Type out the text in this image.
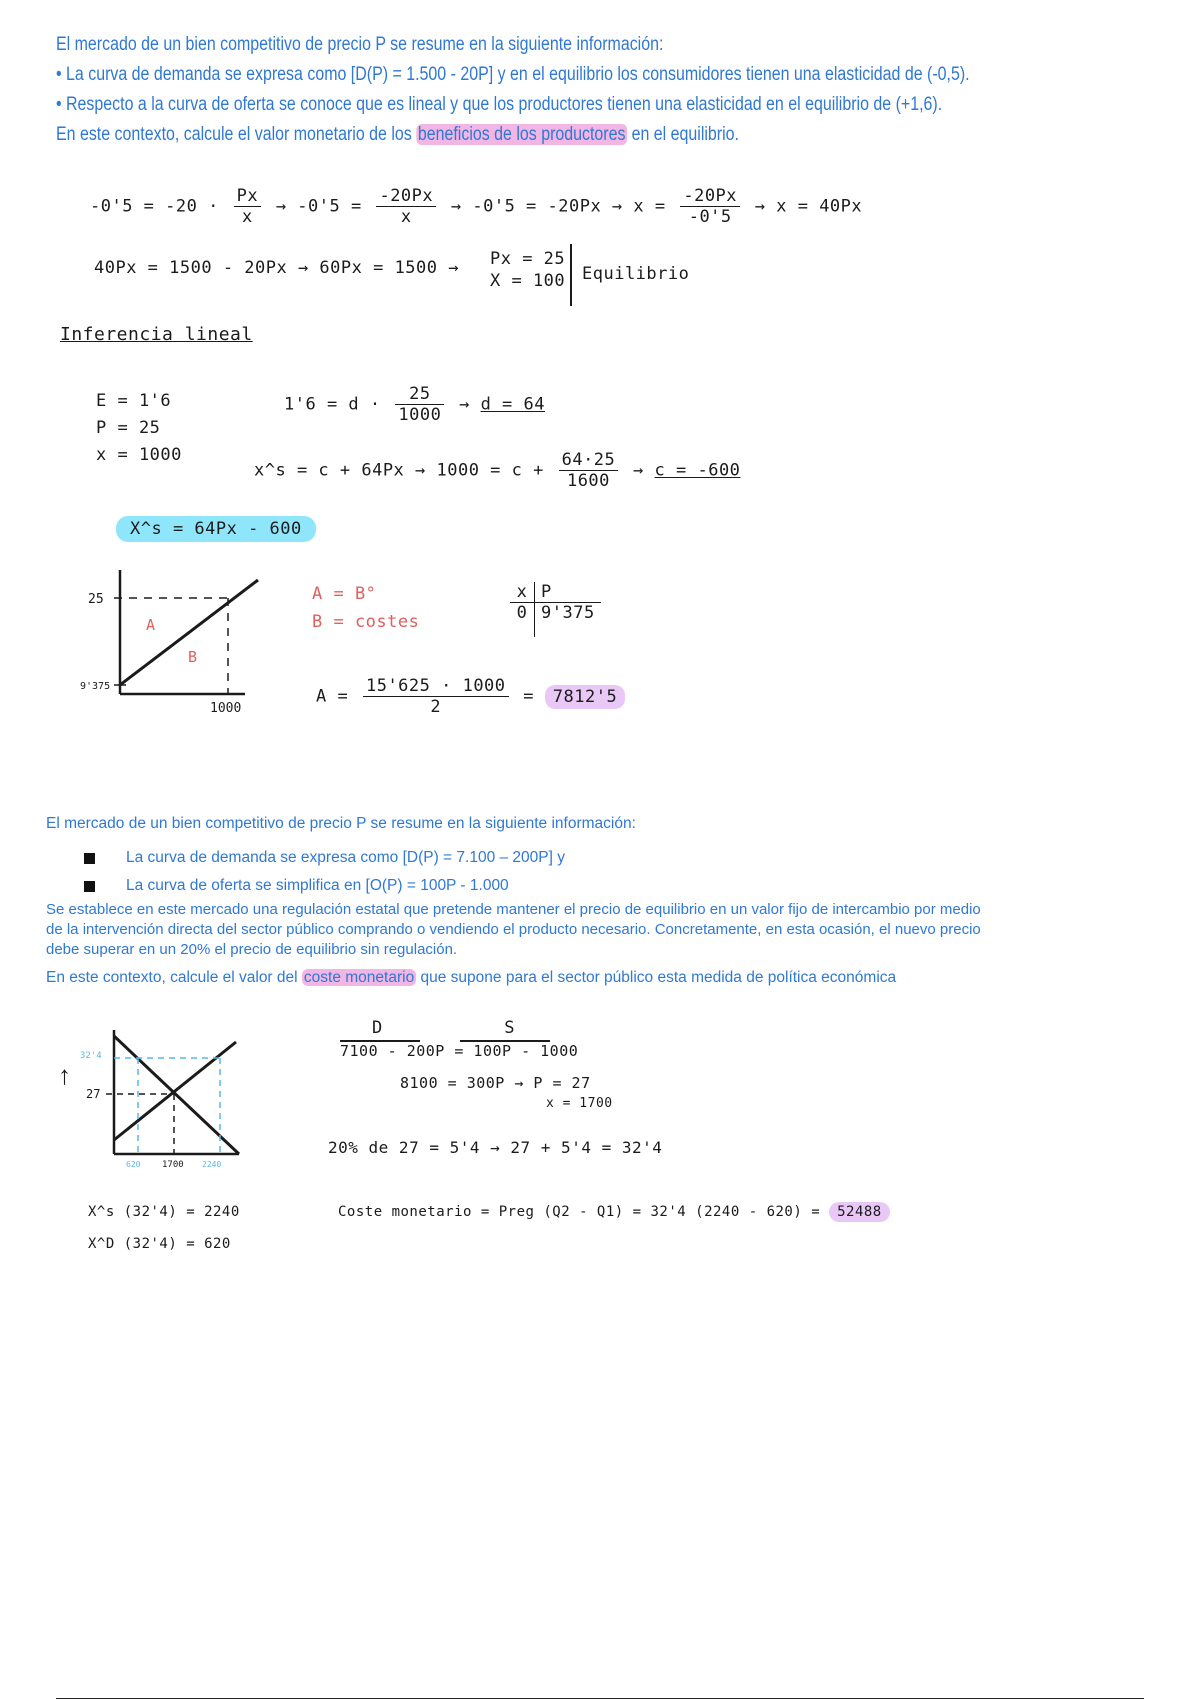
El mercado de un bien competitivo de precio P se resume en la siguiente información:
• La curva de demanda se expresa como [D(P) = 1.500 - 20P] y en el equilibrio los consumidores tienen una elasticidad de (-0,5).
• Respecto a la curva de oferta se conoce que es lineal y que los productores tienen una elasticidad en el equilibrio de (+1,6).
En este contexto, calcule el valor monetario de los beneficios de los productores en el equilibrio.
$-0'5 = -20 \cdot \frac{Px}{x} \to -0'5 = \frac{-20Px}{x} \to -0'5 = -20Px \to x = \frac{-20Px}{-0'5} \to x = 40Px$
40Px = 1500 - 20Px → 60Px = 1500 → Px = 25
X = 100 Equilibrio
Inferencia lineal
E = 1'6
P = 25
x = 1000
$1'6 = d \cdot \frac{25}{1000} \to d = 64$
x^s = $c + 64Px \to 1000 = c + \frac{64\cdot 25}{1600} \to c = -600$
X^s = 64Px - 600
25
9'375
1000
A
B
A = B°
B = costes
x P
0 9'375
$A = \frac{15'625 \cdot 1000}{2} = 7812'5$
El mercado de un bien competitivo de precio P se resume en la siguiente información:
La curva de demanda se expresa como [D(P) = 7.100 – 200P] y
La curva de oferta se simplifica en [O(P) = 100P - 1.000
Se establece en este mercado una regulación estatal que pretende mantener el precio de equilibrio en un valor fijo de intercambio por medio
de la intervención directa del sector público comprando o vendiendo el producto necesario. Concretamente, en esta ocasión, el nuevo precio
debe superar en un 20% el precio de equilibrio sin regulación.
En este contexto, calcule el valor del coste monetario que supone para el sector público esta medida de política económica
↑
32'4
27
620 1700 2240
D	S
7100 - 200P = 100P - 1000
8100 = 300P → P = 27
x = 1700
20% de 27 = 5'4 → 27 + 5'4 = 32'4
X^s (32'4) = 2240
X^D (32'4) = 620
Coste monetario = Preg (Q2 - Q1) = 32'4 (2240 - 620) = 52488
